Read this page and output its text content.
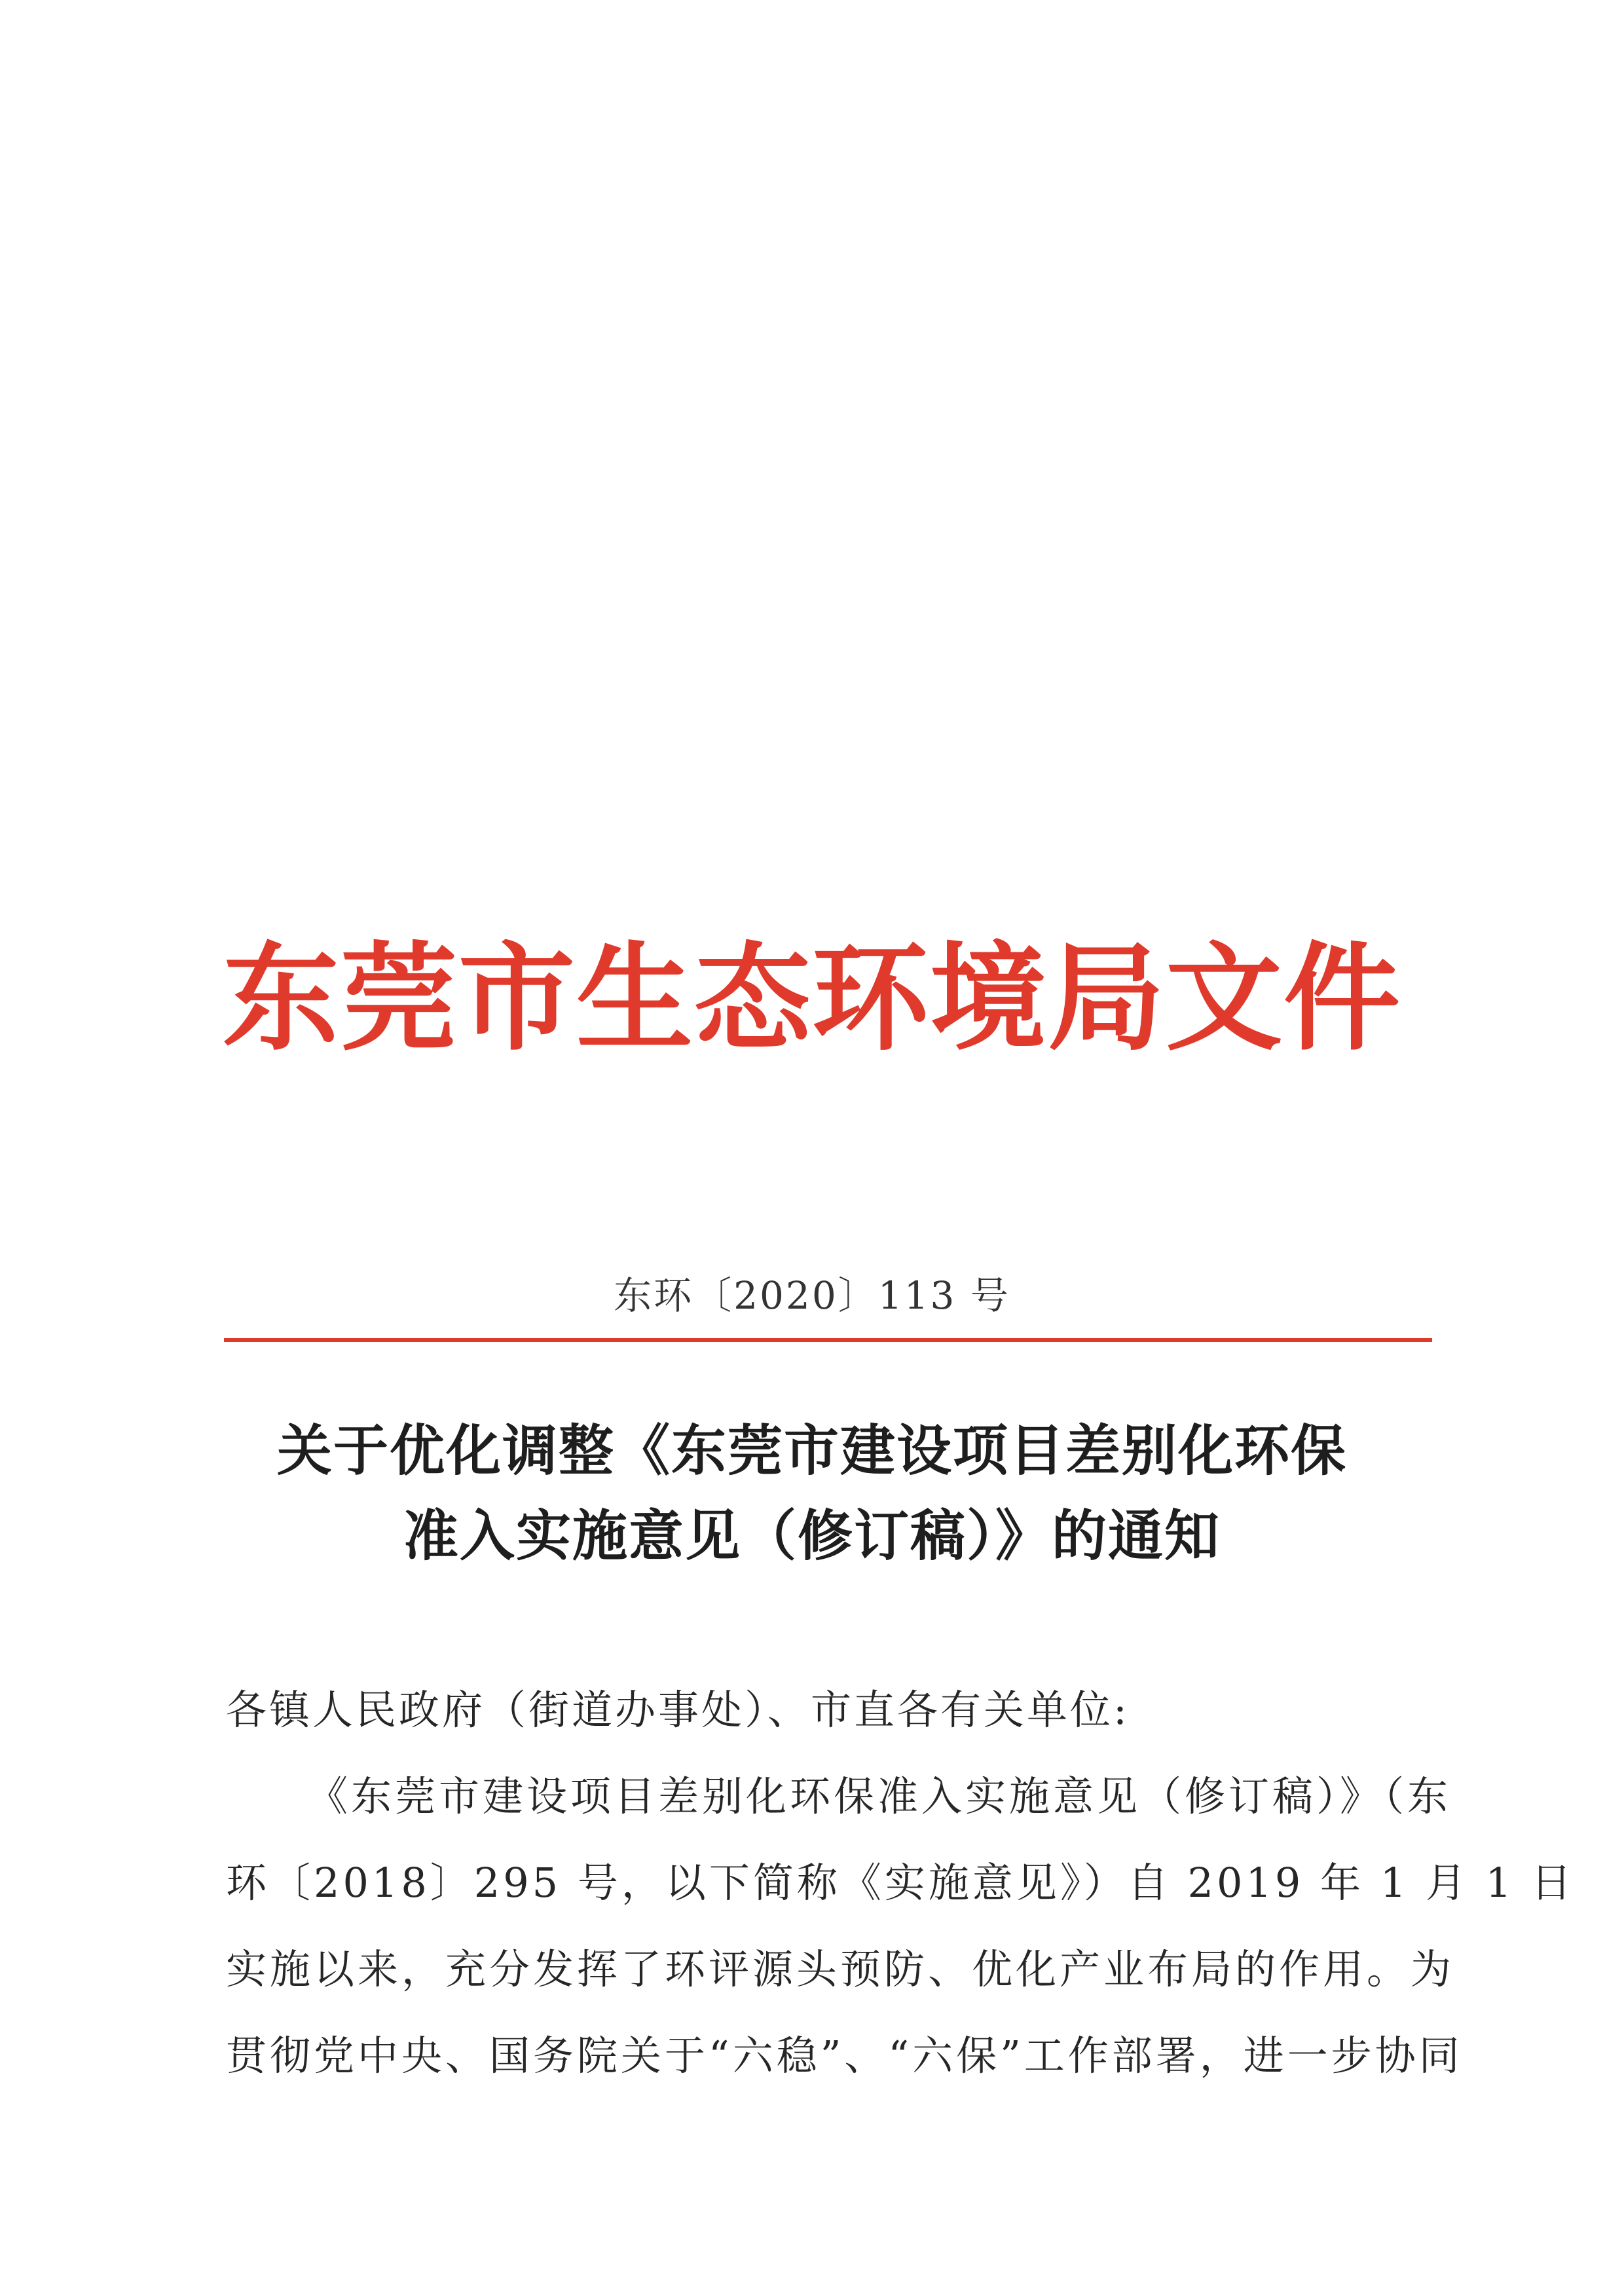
东莞市生态环境局文件
东环〔2020〕113 号
关于优化调整《东莞市建设项目差别化环保
准入实施意见（修订稿）》的通知
各镇人民政府（街道办事处）、市直各有关单位:
《东莞市建设项目差别化环保准入实施意见（修订稿）》（东
环〔2018〕295 号，以下简称《实施意见》）自 2019 年 1 月 1 日
实施以来，充分发挥了环评源头预防、优化产业布局的作用。为
贯彻党中央、国务院关于“六稳”、“六保”工作部署，进一步协同
